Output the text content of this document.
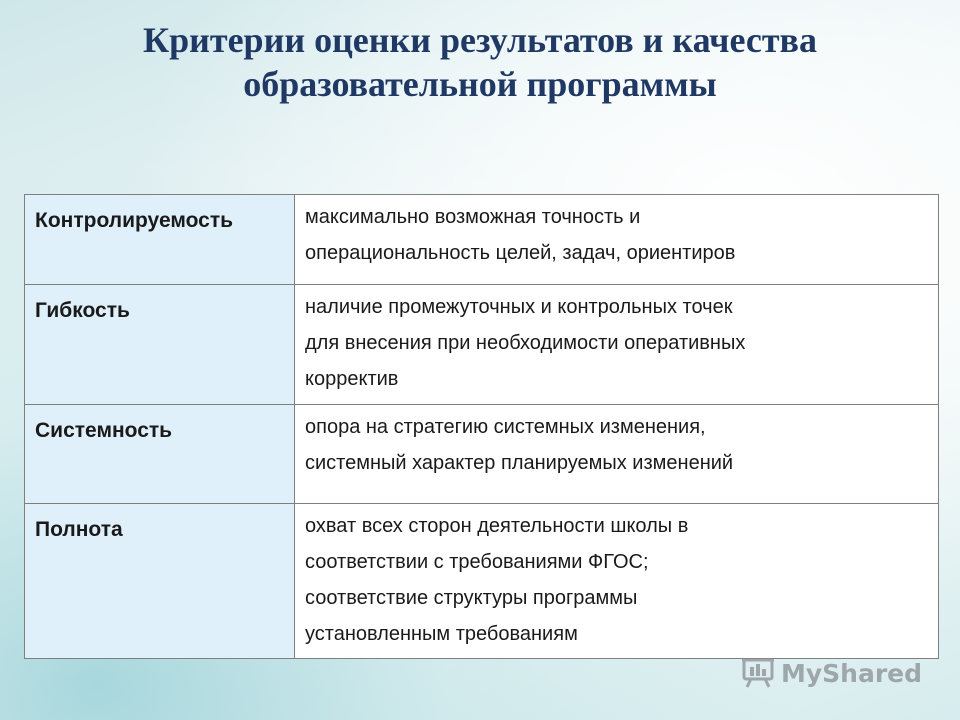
Критерии оценки результатов и качества
образовательной программы
Контролируемость	максимально возможная точность и
операциональность целей, задач, ориентиров

Гибкость	наличие промежуточных и контрольных точек
для внесения при необходимости оперативных
корректив

Системность	опора на стратегию системных изменения,
системный характер планируемых изменений

Полнота	охват всех сторон деятельности школы в
соответствии с требованиями ФГОС;
соответствие структуры программы
установленным требованиям
MyShared
